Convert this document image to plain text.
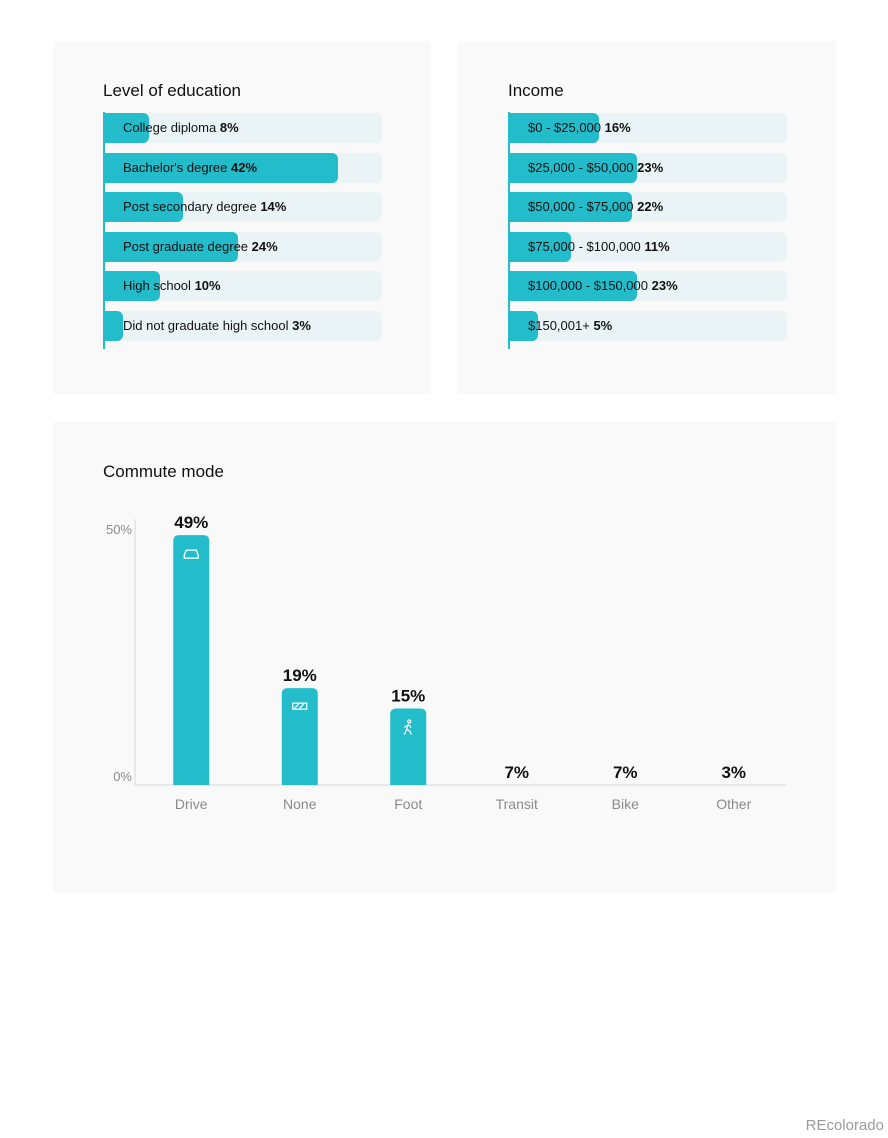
Level of education
College diploma 8%
Bachelor's degree 42%
Post secondary degree 14%
Post graduate degree 24%
High school 10%
Did not graduate high school 3%
Income
$0 - $25,000 16%
$25,000 - $50,000 23%
$50,000 - $75,000 22%
$75,000 - $100,000 11%
$100,000 - $150,000 23%
$150,001+ 5%
Commute mode
0%
50% 49%
Drive
19%
None
15%
Foot
7%
Transit
7%
Bike
3%
Other
REcolorado
